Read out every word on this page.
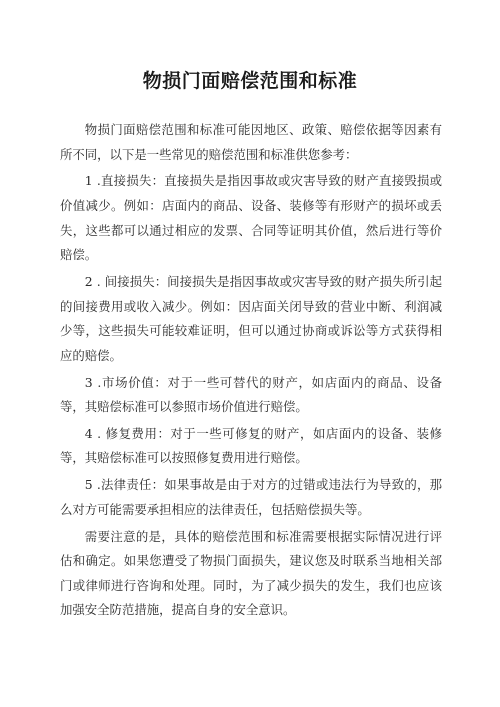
物损门面赔偿范围和标准

物损门面赔偿范围和标准可能因地区、政策、赔偿依据等因素有所不同，以下是一些常见的赔偿范围和标准供您参考：

1 .直接损失：直接损失是指因事故或灾害导致的财产直接毁损或价值减少。例如：店面内的商品、设备、装修等有形财产的损坏或丢失，这些都可以通过相应的发票、合同等证明其价值，然后进行等价赔偿。

2 . 间接损失：间接损失是指因事故或灾害导致的财产损失所引起的间接费用或收入减少。例如：因店面关闭导致的营业中断、利润减少等，这些损失可能较难证明，但可以通过协商或诉讼等方式获得相应的赔偿。

3 .市场价值：对于一些可替代的财产，如店面内的商品、设备等，其赔偿标准可以参照市场价值进行赔偿。

4 . 修复费用：对于一些可修复的财产，如店面内的设备、装修等，其赔偿标准可以按照修复费用进行赔偿。

5 .法律责任：如果事故是由于对方的过错或违法行为导致的，那么对方可能需要承担相应的法律责任，包括赔偿损失等。

需要注意的是，具体的赔偿范围和标准需要根据实际情况进行评估和确定。如果您遭受了物损门面损失，建议您及时联系当地相关部门或律师进行咨询和处理。同时，为了减少损失的发生，我们也应该加强安全防范措施，提高自身的安全意识。
